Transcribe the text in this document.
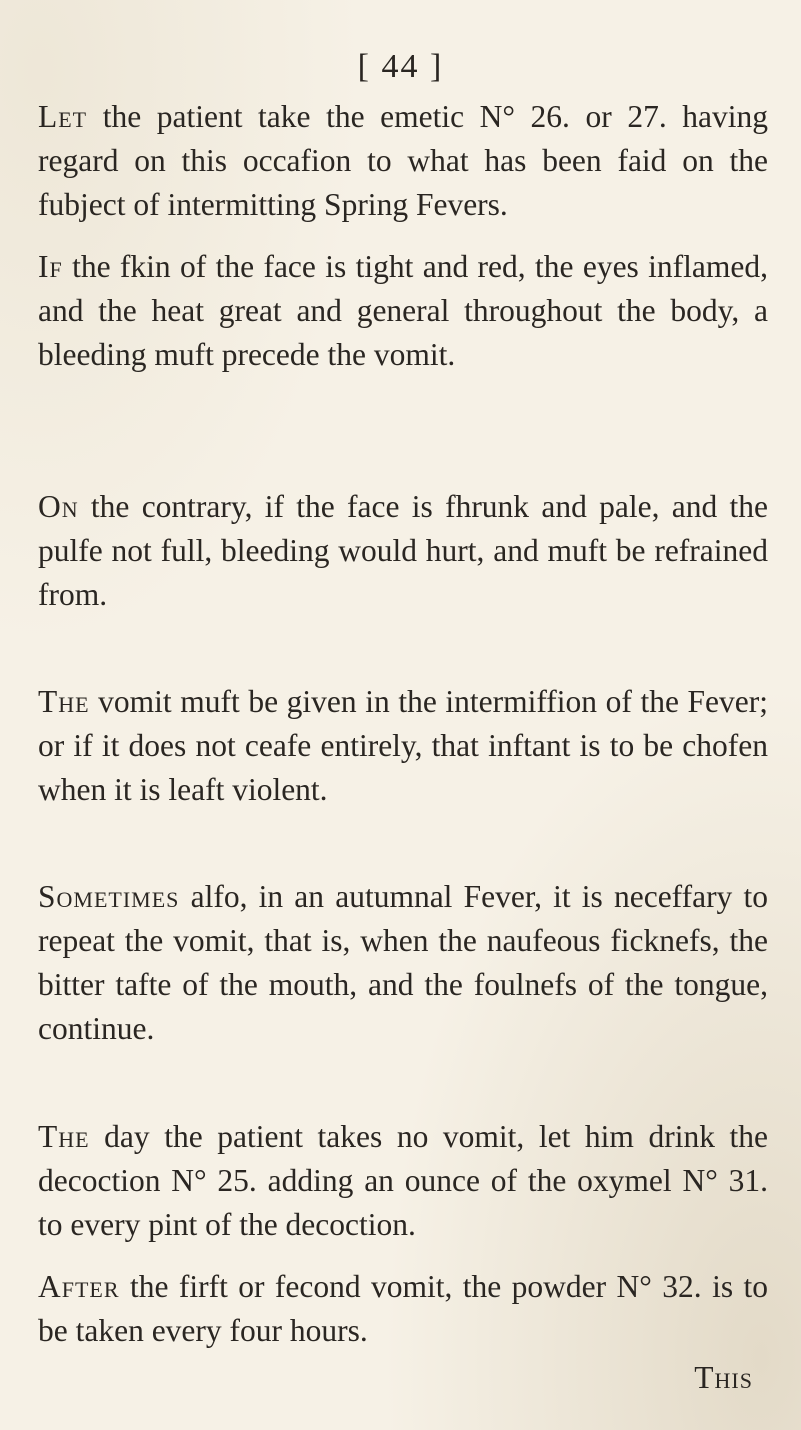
[ 44 ]

Let the patient take the emetic N° 26. or 27. having regard on this occafion to what has been faid on the fubject of intermitting Spring Fevers.

If the fkin of the face is tight and red, the eyes inflamed, and the heat great and general throughout the body, a bleeding muft precede the vomit.

On the contrary, if the face is fhrunk and pale, and the pulfe not full, bleeding would hurt, and muft be refrained from.

The vomit muft be given in the intermiffion of the Fever; or if it does not ceafe entirely, that inftant is to be chofen when it is leaft violent.

Sometimes alfo, in an autumnal Fever, it is neceffary to repeat the vomit, that is, when the naufeous ficknefs, the bitter tafte of the mouth, and the foulnefs of the tongue, continue.

The day the patient takes no vomit, let him drink the decoction N° 25. adding an ounce of the oxymel N° 31. to every pint of the decoction.

After the firft or fecond vomit, the powder N° 32. is to be taken every four hours.

This
